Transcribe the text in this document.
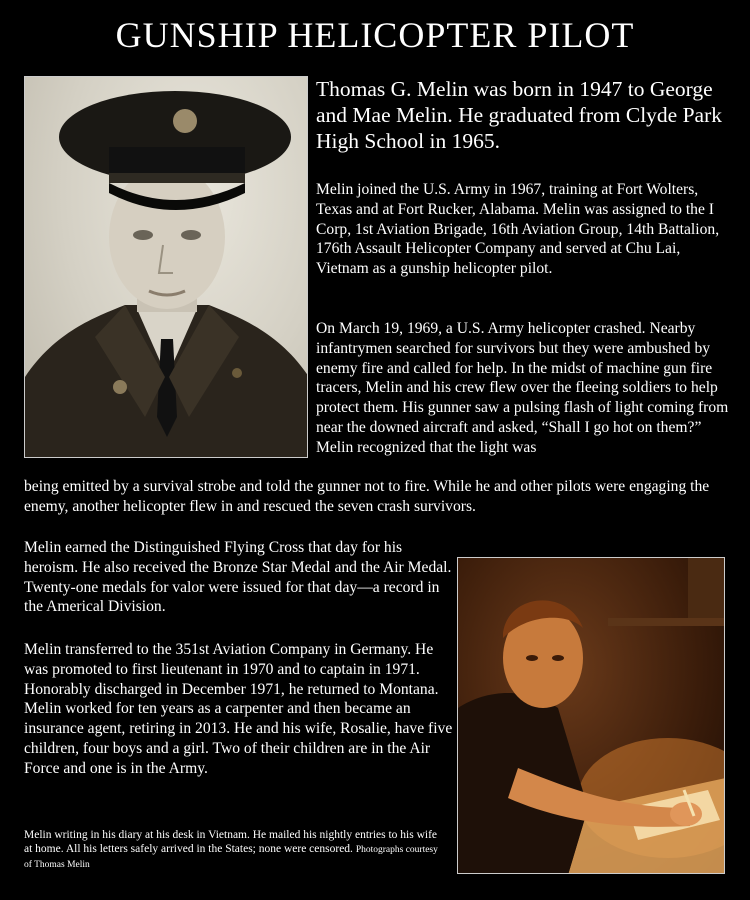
GUNSHIP HELICOPTER PILOT
Thomas G. Melin was born in 1947 to George and Mae Melin. He graduated from Clyde Park High School in 1965.
Melin joined the U.S. Army in 1967, training at Fort Wolters, Texas and at Fort Rucker, Alabama. Melin was assigned to the I Corp, 1st Aviation Brigade, 16th Aviation Group, 14th Battalion, 176th Assault Helicopter Company and served at Chu Lai, Vietnam as a gunship helicopter pilot.
On March 19, 1969, a U.S. Army helicopter crashed. Nearby infantrymen searched for survivors but they were ambushed by enemy fire and called for help. In the midst of machine gun fire tracers, Melin and his crew flew over the fleeing soldiers to help protect them. His gunner saw a pulsing flash of light coming from near the downed aircraft and asked, “Shall I go hot on them?” Melin recognized that the light was
being emitted by a survival strobe and told the gunner not to fire. While he and other pilots were engaging the enemy, another helicopter flew in and rescued the seven crash survivors.
Melin earned the Distinguished Flying Cross that day for his heroism. He also received the Bronze Star Medal and the Air Medal. Twenty-one medals for valor were issued for that day—a record in the Americal Division.
Melin transferred to the 351st Aviation Company in Germany. He was promoted to first lieutenant in 1970 and to captain in 1971. Honorably discharged in December 1971, he returned to Montana. Melin worked for ten years as a carpenter and then became an insurance agent, retiring in 2013. He and his wife, Rosalie, have five children, four boys and a girl. Two of their children are in the Air Force and one is in the Army.
Melin writing in his diary at his desk in Vietnam. He mailed his nightly entries to his wife at home. All his letters safely arrived in the States; none were censored. Photographs courtesy of Thomas Melin
